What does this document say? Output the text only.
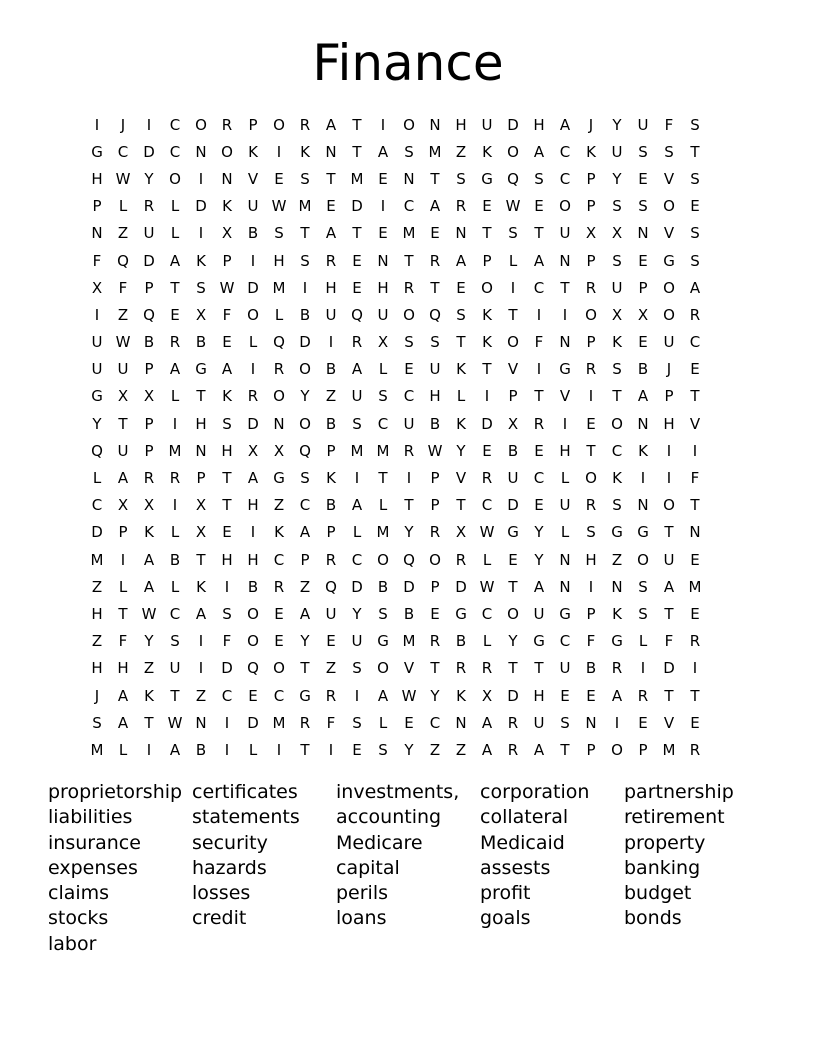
Finance
I	J	I	C O R	P	O R	A	T	I	O N H U D H	A	J	Y	U	F	S
G C D C	N O	K	I	K	N	T	A	S M Z	K	O A	C	K	U	S	S	T
H W Y	O	I	N	V	E	S	T M E	N	T	S	G Q	S	C	P	Y	E	V	S
P	L	R	L	D	K	U W M E	D	I	C	A	R	E W E	O	P	S	S	O	E
N	Z	U	L	I	X	B	S	T	A	T	E M E	N	T	S	T	U	X	X	N	V	S
F	Q D	A	K	P	I	H	S	R	E	N	T	R	A	P	L	A	N	P	S	E	G	S
X	F	P	T	S W D M	I	H	E	H	R	T	E	O	I	C	T	R	U	P	O A
I	Z Q	E	X	F	O	L	B	U Q U O Q	S	K	T	I	I	O X	X O R
U W B	R	B	E	L	Q D	I	R	X	S	S	T	K	O	F	N	P	K	E	U	C
U	U	P	A	G	A	I	R O B	A	L	E	U	K	T	V	I	G R	S	B	J	E
G	X	X	L	T	K	R O	Y	Z	U	S	C	H	L	I	P	T	V	I	T	A	P	T
Y	T	P	I	H	S	D N O B	S	C	U	B	K	D	X	R	I	E	O N H	V
Q U	P	M N H	X	X Q	P	M M R W Y	E	B	E	H	T	C	K	I	I
L	A	R	R	P	T	A	G	S	K	I	T	I	P	V	R	U	C	L	O	K	I	I	F
C	X	X	I	X	T	H	Z	C	B	A	L	T	P	T	C D	E	U	R	S	N O	T
D	P	K	L	X	E	I	K	A	P	L	M Y	R	X W G	Y	L	S	G G	T	N
M	I	A	B	T	H H	C	P	R	C O Q O R	L	E	Y	N H	Z O U	E
Z	L	A	L	K	I	B	R	Z Q D	B	D	P	D W T	A	N	I	N	S	A M
H	T W C	A	S	O	E	A	U	Y	S	B	E	G C O U G	P	K	S	T	E
Z	F	Y	S	I	F	O	E	Y	E	U G M R	B	L	Y	G C	F	G	L	F	R
H H	Z	U	I	D Q O	T	Z	S	O V	T	R	R	T	T	U	B	R	I	D	I
J	A	K	T	Z	C	E	C G R	I	A W Y	K	X	D H	E	E	A	R	T	T
S	A	T W N	I	D M R	F	S	L	E	C	N	A	R	U	S	N	I	E	V	E
M	L	I	A	B	I	L	I	T	I	E	S	Y	Z	Z	A	R	A	T	P	O	P	M R
proprietorship
liabilities
insurance
expenses
claims
stocks
labor
certificates
statements
security
hazards
losses
credit
investments,
accounting
Medicare
capital
perils
loans
corporation
collateral
Medicaid
assests
profit
goals
partnership
retirement
property
banking
budget
bonds
